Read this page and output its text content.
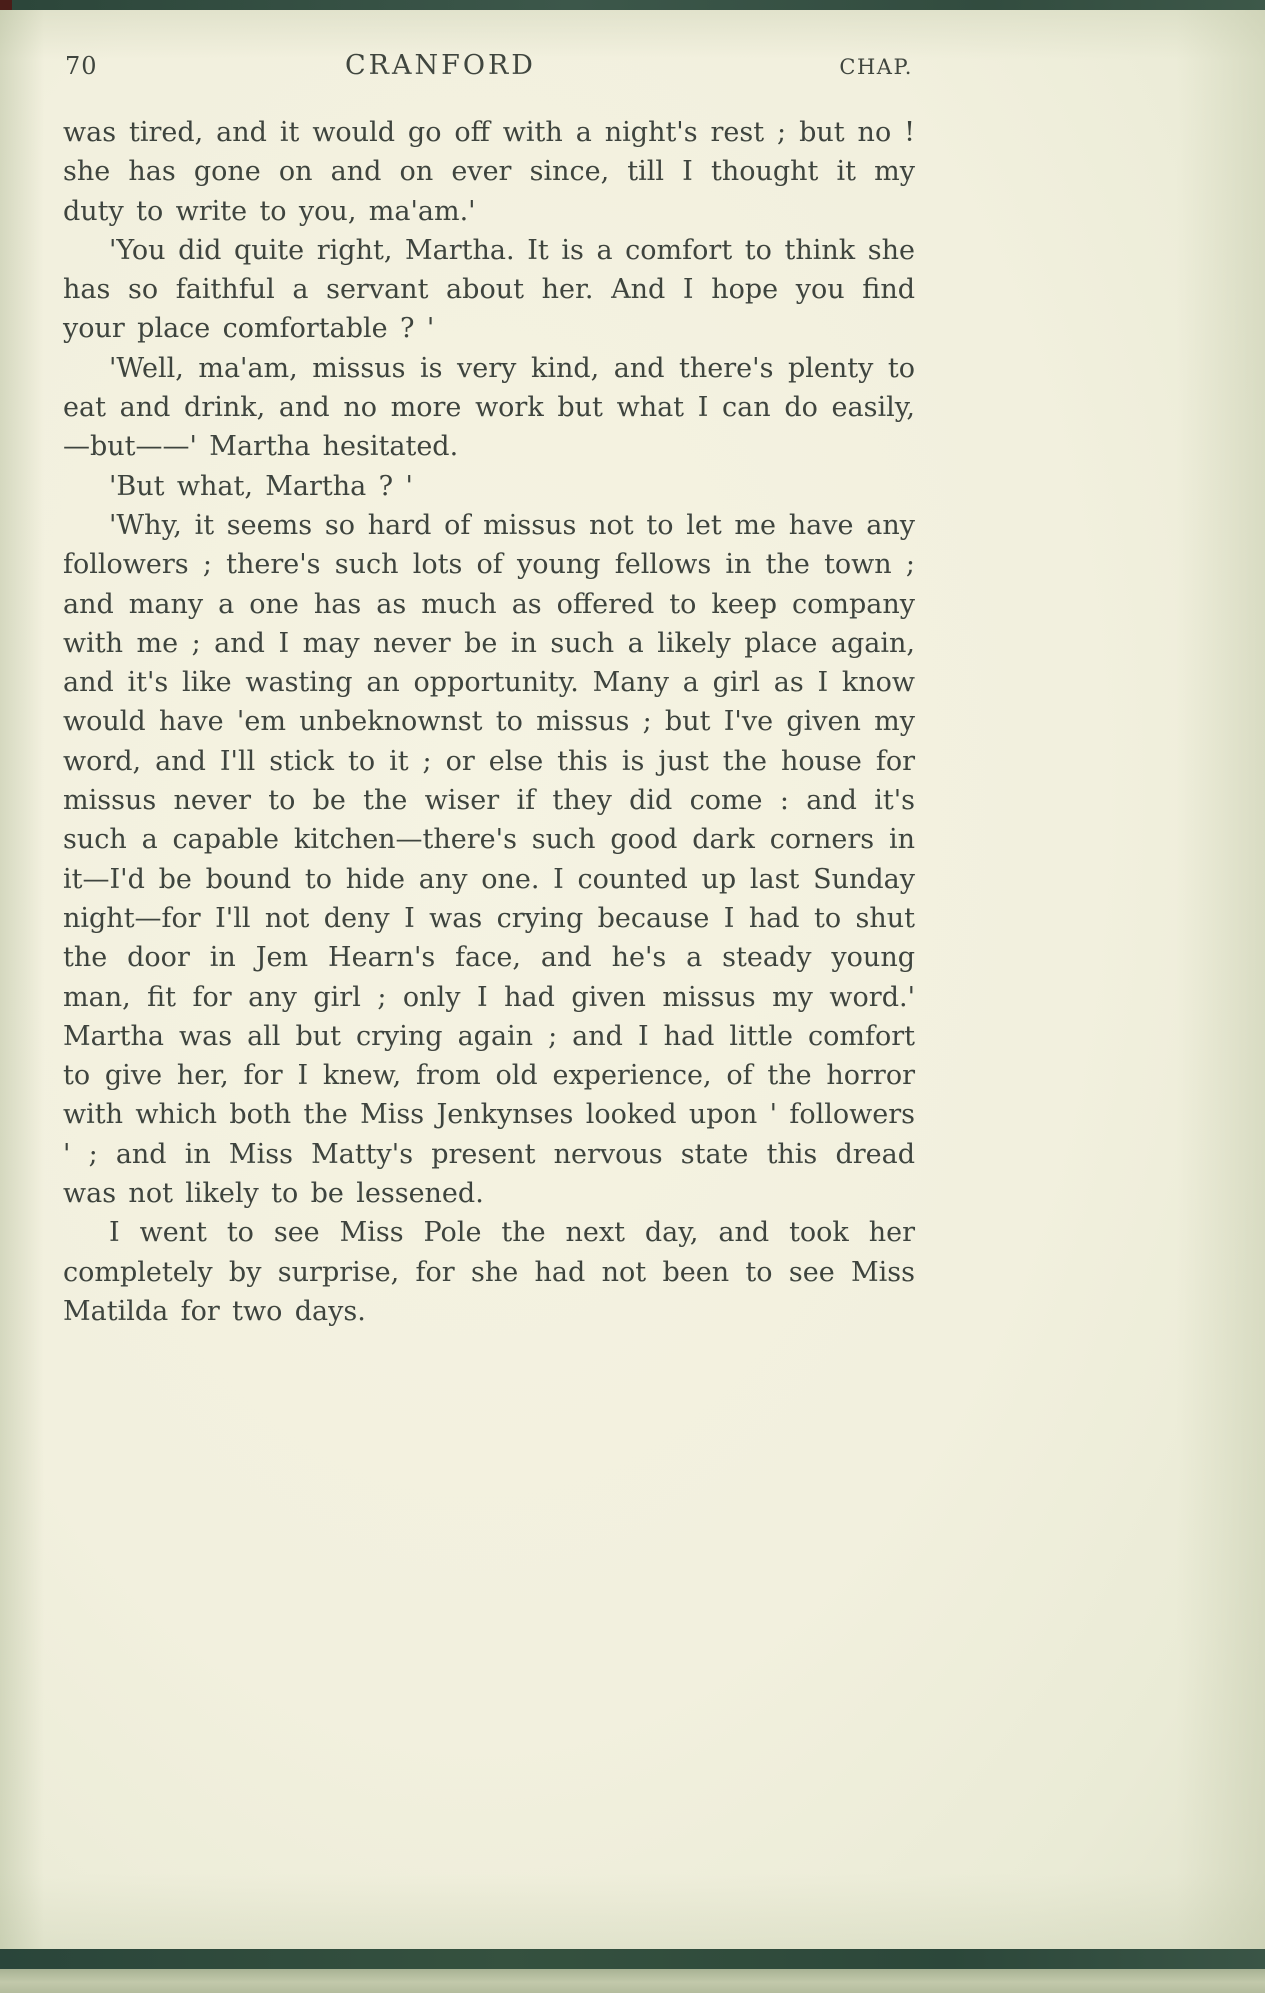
70	CRANFORD	CHAP.

was tired, and it would go off with a night's rest ; but no ! she has gone on and on ever since, till I thought it my duty to write to you, ma'am.'

'You did quite right, Martha. It is a comfort to think she has so faithful a servant about her. And I hope you find your place comfortable ? '

'Well, ma'am, missus is very kind, and there's plenty to eat and drink, and no more work but what I can do easily,—but——' Martha hesitated.

'But what, Martha ? '

'Why, it seems so hard of missus not to let me have any followers ; there's such lots of young fellows in the town ; and many a one has as much as offered to keep company with me ; and I may never be in such a likely place again, and it's like wasting an opportunity. Many a girl as I know would have 'em unbeknownst to missus ; but I've given my word, and I'll stick to it ; or else this is just the house for missus never to be the wiser if they did come : and it's such a capable kitchen—there's such good dark corners in it—I'd be bound to hide any one. I counted up last Sunday night—for I'll not deny I was crying because I had to shut the door in Jem Hearn's face, and he's a steady young man, fit for any girl ; only I had given missus my word.' Martha was all but crying again ; and I had little comfort to give her, for I knew, from old experience, of the horror with which both the Miss Jenkynses looked upon ' followers ' ; and in Miss Matty's present nervous state this dread was not likely to be lessened.

I went to see Miss Pole the next day, and took her completely by surprise, for she had not been to see Miss Matilda for two days.
